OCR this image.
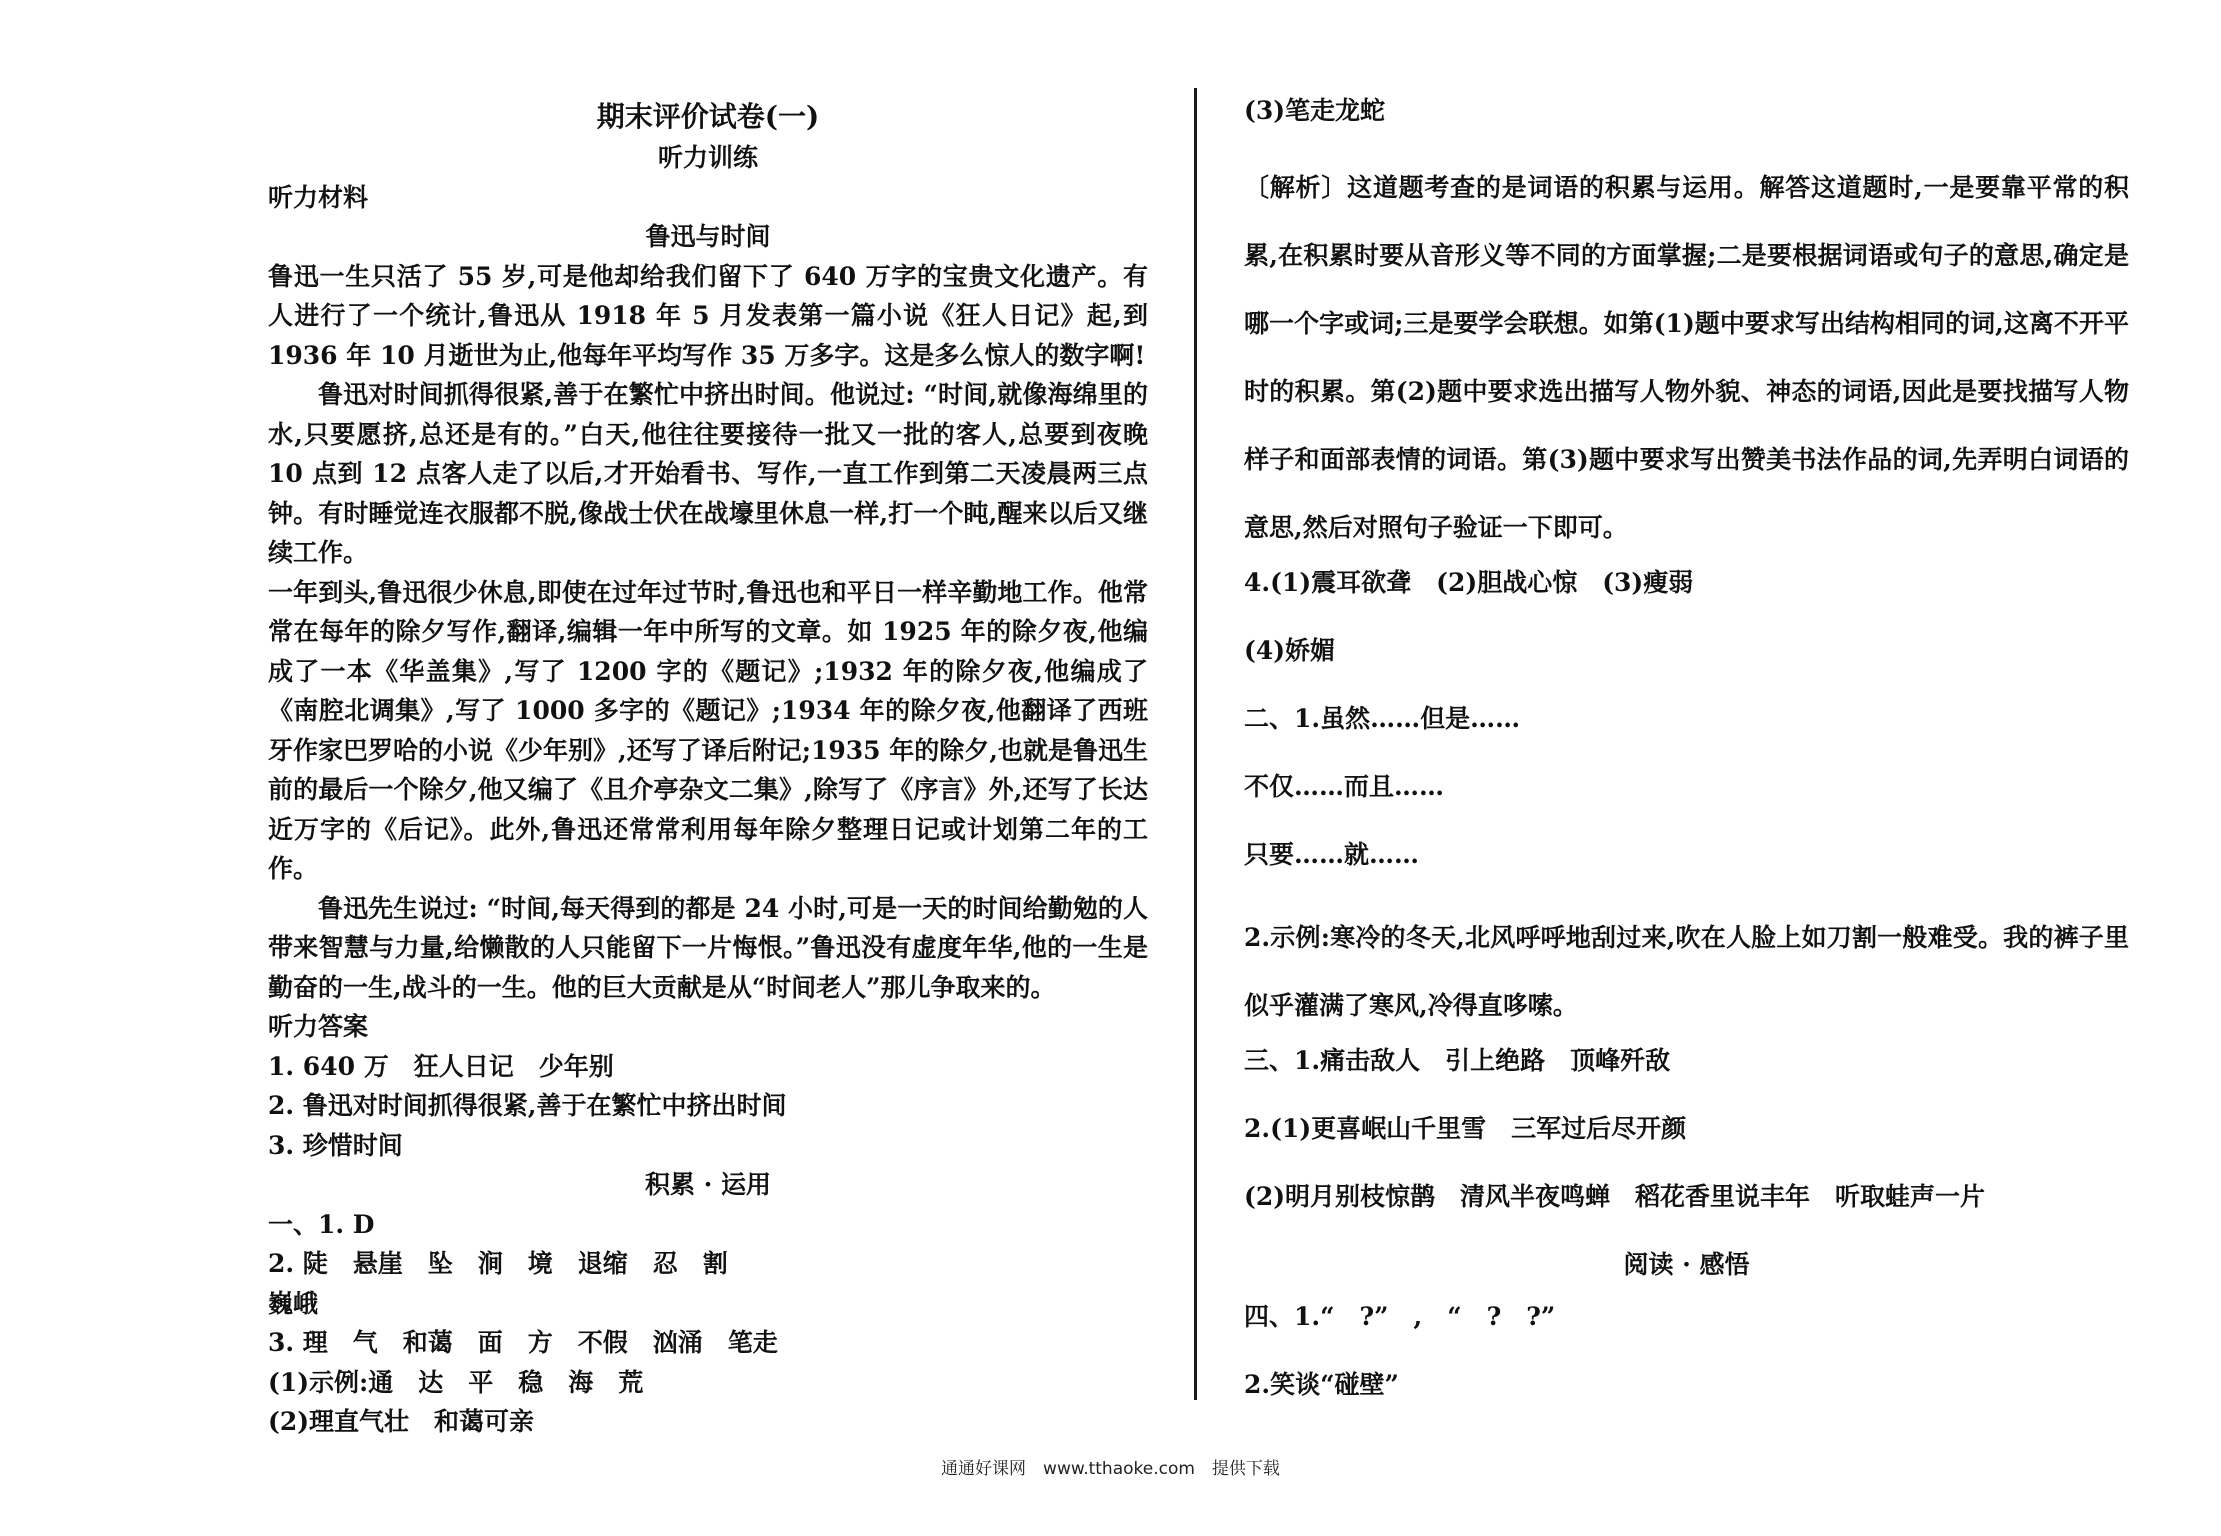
期末评价试卷(一)

听力训练

听力材料

鲁迅与时间

鲁迅一生只活了 55 岁,可是他却给我们留下了 640 万字的宝贵文化遗产。有人进行了一个统计,鲁迅从 1918 年 5 月发表第一篇小说《狂人日记》起,到 1936 年 10 月逝世为止,他每年平均写作 35 万多字。这是多么惊人的数字啊!

鲁迅对时间抓得很紧,善于在繁忙中挤出时间。他说过: “时间,就像海绵里的水,只要愿挤,总还是有的。”白天,他往往要接待一批又一批的客人,总要到夜晚 10 点到 12 点客人走了以后,才开始看书、写作,一直工作到第二天凌晨两三点钟。有时睡觉连衣服都不脱,像战士伏在战壕里休息一样,打一个盹,醒来以后又继续工作。

一年到头,鲁迅很少休息,即使在过年过节时,鲁迅也和平日一样辛勤地工作。他常常在每年的除夕写作,翻译,编辑一年中所写的文章。如 1925 年的除夕夜,他编成了一本《华盖集》,写了 1200 字的《题记》;1932 年的除夕夜,他编成了《南腔北调集》,写了 1000 多字的《题记》;1934 年的除夕夜,他翻译了西班牙作家巴罗哈的小说《少年别》,还写了译后附记;1935 年的除夕,也就是鲁迅生前的最后一个除夕,他又编了《且介亭杂文二集》,除写了《序言》外,还写了长达近万字的《后记》。此外,鲁迅还常常利用每年除夕整理日记或计划第二年的工作。

鲁迅先生说过: “时间,每天得到的都是 24 小时,可是一天的时间给勤勉的人带来智慧与力量,给懒散的人只能留下一片悔恨。”鲁迅没有虚度年华,他的一生是勤奋的一生,战斗的一生。他的巨大贡献是从“时间老人”那儿争取来的。

听力答案

1. 640 万　狂人日记　少年别

2. 鲁迅对时间抓得很紧,善于在繁忙中挤出时间

3. 珍惜时间

积累 · 运用

一、1. D

2. 陡　悬崖　坠　涧　境　退缩　忍　割

巍峨

3. 理　气　和蔼　面　方　不假　汹涌　笔走

(1)示例:通　达　平　稳　海　荒

(2)理直气壮　和蔼可亲

(3)笔走龙蛇

〔解析〕这道题考查的是词语的积累与运用。解答这道题时,一是要靠平常的积累,在积累时要从音形义等不同的方面掌握;二是要根据词语或句子的意思,确定是哪一个字或词;三是要学会联想。如第(1)题中要求写出结构相同的词,这离不开平时的积累。第(2)题中要求选出描写人物外貌、神态的词语,因此是要找描写人物样子和面部表情的词语。第(3)题中要求写出赞美书法作品的词,先弄明白词语的意思,然后对照句子验证一下即可。

4.(1)震耳欲聋　(2)胆战心惊　(3)瘦弱

(4)娇媚

二、1.虽然……但是……

不仅……而且……

只要……就……

2.示例:寒冷的冬天,北风呼呼地刮过来,吹在人脸上如刀割一般难受。我的裤子里似乎灌满了寒风,冷得直哆嗦。

三、1.痛击敌人　引上绝路　顶峰歼敌

2.(1)更喜岷山千里雪　三军过后尽开颜

(2)明月别枝惊鹊　清风半夜鸣蝉　稻花香里说丰年　听取蛙声一片

阅读 · 感悟

四、1.“　?”　,　“　?　?”

2.笑谈“碰壁”

通通好课网　www.tthaoke.com　提供下载
